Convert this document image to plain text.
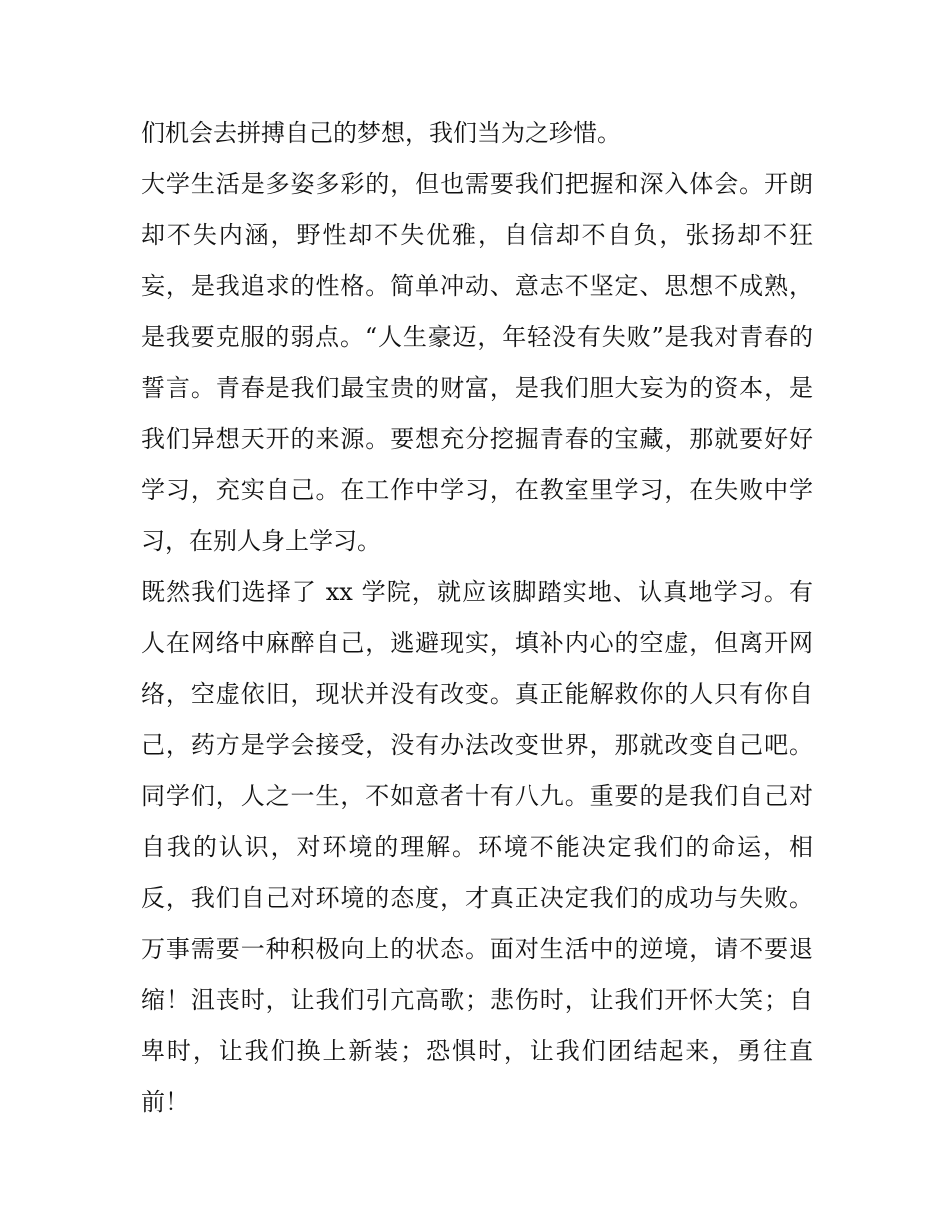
们机会去拼搏自己的梦想，我们当为之珍惜。
大学生活是多姿多彩的，但也需要我们把握和深入体会。开朗
却不失内涵，野性却不失优雅，自信却不自负，张扬却不狂
妄，是我追求的性格。简单冲动、意志不坚定、思想不成熟，
是我要克服的弱点。“人生豪迈，年轻没有失败”是我对青春的
誓言。青春是我们最宝贵的财富，是我们胆大妄为的资本，是
我们异想天开的来源。要想充分挖掘青春的宝藏，那就要好好
学习，充实自己。在工作中学习，在教室里学习，在失败中学
习，在别人身上学习。
既然我们选择了 xx 学院，就应该脚踏实地、认真地学习。有
人在网络中麻醉自己，逃避现实，填补内心的空虚，但离开网
络，空虚依旧，现状并没有改变。真正能解救你的人只有你自
己，药方是学会接受，没有办法改变世界，那就改变自己吧。
同学们，人之一生，不如意者十有八九。重要的是我们自己对
自我的认识，对环境的理解。环境不能决定我们的命运，相
反，我们自己对环境的态度，才真正决定我们的成功与失败。
万事需要一种积极向上的状态。面对生活中的逆境，请不要退
缩！沮丧时，让我们引亢高歌；悲伤时，让我们开怀大笑；自
卑时，让我们换上新装；恐惧时，让我们团结起来，勇往直
前！
